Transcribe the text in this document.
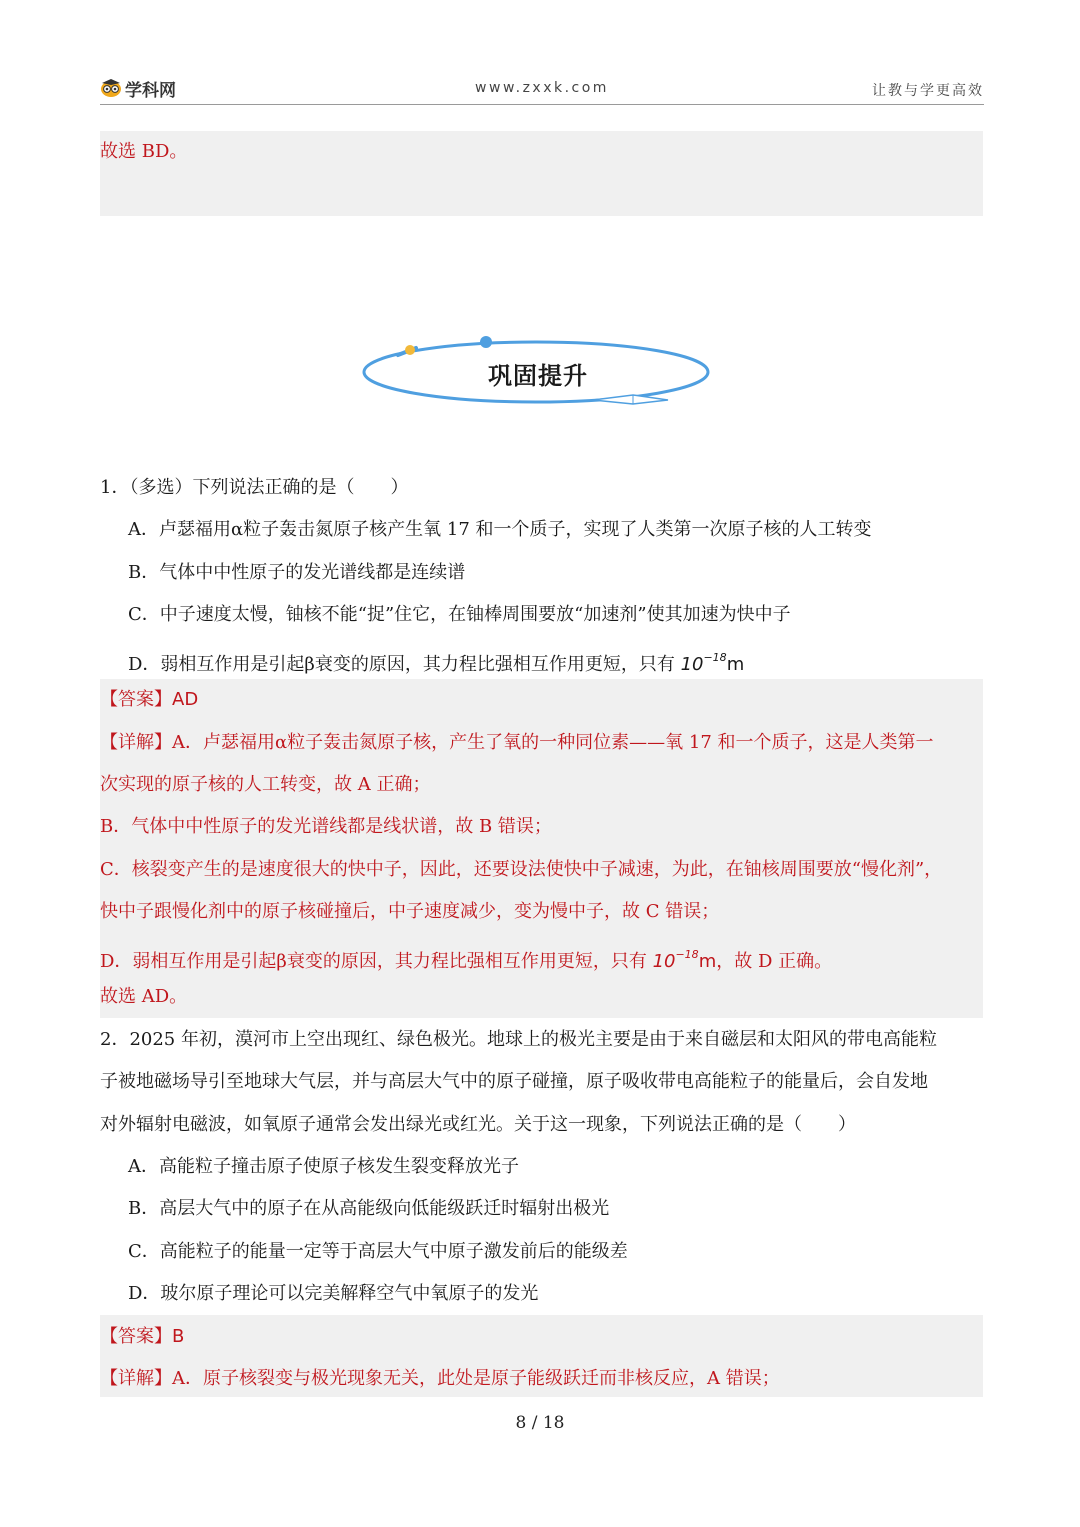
学科网	www.zxxk.com	让教与学更高效
故选 BD。
巩固提升
1．（多选）下列说法正确的是（　　）
A．卢瑟福用α粒子轰击氮原子核产生氧 17 和一个质子，实现了人类第一次原子核的人工转变
B．气体中中性原子的发光谱线都是连续谱
C．中子速度太慢，铀核不能“捉”住它，在铀棒周围要放“加速剂”使其加速为快中子
D．弱相互作用是引起β衰变的原因，其力程比强相互作用更短，只有 $10^{-18}m$
【答案】AD
【详解】A．卢瑟福用α粒子轰击氮原子核，产生了氧的一种同位素——氧 17 和一个质子，这是人类第一
次实现的原子核的人工转变，故 A 正确；
B．气体中中性原子的发光谱线都是线状谱，故 B 错误；
C．核裂变产生的是速度很大的快中子，因此，还要设法使快中子减速，为此，在铀核周围要放“慢化剂”，
快中子跟慢化剂中的原子核碰撞后，中子速度减少，变为慢中子，故 C 错误；
D．弱相互作用是引起β衰变的原因，其力程比强相互作用更短，只有 $10^{-18}m$，故 D 正确。
故选 AD。
2．2025 年初，漠河市上空出现红、绿色极光。地球上的极光主要是由于来自磁层和太阳风的带电高能粒
子被地磁场导引至地球大气层，并与高层大气中的原子碰撞，原子吸收带电高能粒子的能量后，会自发地
对外辐射电磁波，如氧原子通常会发出绿光或红光。关于这一现象，下列说法正确的是（　　）
A．高能粒子撞击原子使原子核发生裂变释放光子
B．高层大气中的原子在从高能级向低能级跃迁时辐射出极光
C．高能粒子的能量一定等于高层大气中原子激发前后的能级差
D．玻尔原子理论可以完美解释空气中氧原子的发光
【答案】B
【详解】A．原子核裂变与极光现象无关，此处是原子能级跃迁而非核反应，A 错误；
8 / 18
